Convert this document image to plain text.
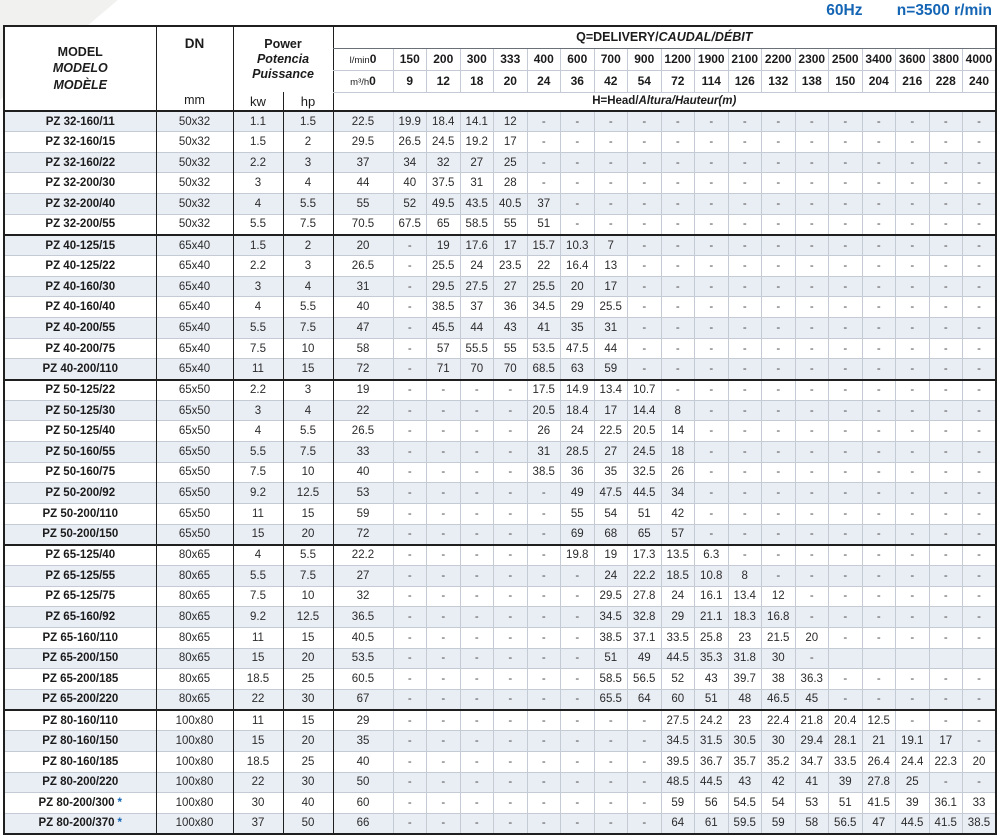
60Hz n=3500 r/min
MODEL
MODELO
MODÈLE	DN
mm	Power
Potencia
Puissance		Q=DELIVERY/CAUDAL/DÉBIT																		
				l/min0	150	200	300	333	400	600	700	900	1200	1900	2100	2200	2300	2500	3400	3600	3800	4000
				m³/h0	9	12	18	20	24	36	42	54	72	114	126	132	138	150	204	216	228	240
		kw	hp	H=Head/Altura/Hauteur(m)																		
PZ 32-160/11	50x32	1.1	1.5	22.5	19.9	18.4	14.1	12	-	-	-	-	-	-	-	-	-	-	-	-	-	-
PZ 32-160/15	50x32	1.5	2	29.5	26.5	24.5	19.2	17	-	-	-	-	-	-	-	-	-	-	-	-	-	-
PZ 32-160/22	50x32	2.2	3	37	34	32	27	25	-	-	-	-	-	-	-	-	-	-	-	-	-	-
PZ 32-200/30	50x32	3	4	44	40	37.5	31	28	-	-	-	-	-	-	-	-	-	-	-	-	-	-
PZ 32-200/40	50x32	4	5.5	55	52	49.5	43.5	40.5	37	-	-	-	-	-	-	-	-	-	-	-	-	-
PZ 32-200/55	50x32	5.5	7.5	70.5	67.5	65	58.5	55	51	-	-	-	-	-	-	-	-	-	-	-	-	-
PZ 40-125/15	65x40	1.5	2	20	-	19	17.6	17	15.7	10.3	7	-	-	-	-	-	-	-	-	-	-	-
PZ 40-125/22	65x40	2.2	3	26.5	-	25.5	24	23.5	22	16.4	13	-	-	-	-	-	-	-	-	-	-	-
PZ 40-160/30	65x40	3	4	31	-	29.5	27.5	27	25.5	20	17	-	-	-	-	-	-	-	-	-	-	-
PZ 40-160/40	65x40	4	5.5	40	-	38.5	37	36	34.5	29	25.5	-	-	-	-	-	-	-	-	-	-	-
PZ 40-200/55	65x40	5.5	7.5	47	-	45.5	44	43	41	35	31	-	-	-	-	-	-	-	-	-	-	-
PZ 40-200/75	65x40	7.5	10	58	-	57	55.5	55	53.5	47.5	44	-	-	-	-	-	-	-	-	-	-	-
PZ 40-200/110	65x40	11	15	72	-	71	70	70	68.5	63	59	-	-	-	-	-	-	-	-	-	-	-
PZ 50-125/22	65x50	2.2	3	19	-	-	-	-	17.5	14.9	13.4	10.7	-	-	-	-	-	-	-	-	-	-
PZ 50-125/30	65x50	3	4	22	-	-	-	-	20.5	18.4	17	14.4	8	-	-	-	-	-	-	-	-	-
PZ 50-125/40	65x50	4	5.5	26.5	-	-	-	-	26	24	22.5	20.5	14	-	-	-	-	-	-	-	-	-
PZ 50-160/55	65x50	5.5	7.5	33	-	-	-	-	31	28.5	27	24.5	18	-	-	-	-	-	-	-	-	-
PZ 50-160/75	65x50	7.5	10	40	-	-	-	-	38.5	36	35	32.5	26	-	-	-	-	-	-	-	-	-
PZ 50-200/92	65x50	9.2	12.5	53	-	-	-	-	-	49	47.5	44.5	34	-	-	-	-	-	-	-	-	-
PZ 50-200/110	65x50	11	15	59	-	-	-	-	-	55	54	51	42	-	-	-	-	-	-	-	-	-
PZ 50-200/150	65x50	15	20	72	-	-	-	-	-	69	68	65	57	-	-	-	-	-	-	-	-	-
PZ 65-125/40	80x65	4	5.5	22.2	-	-	-	-	-	19.8	19	17.3	13.5	6.3	-	-	-	-	-	-	-	-
PZ 65-125/55	80x65	5.5	7.5	27	-	-	-	-	-	-	24	22.2	18.5	10.8	8	-	-	-	-	-	-	-
PZ 65-125/75	80x65	7.5	10	32	-	-	-	-	-	-	29.5	27.8	24	16.1	13.4	12	-	-	-	-	-	-
PZ 65-160/92	80x65	9.2	12.5	36.5	-	-	-	-	-	-	34.5	32.8	29	21.1	18.3	16.8	-	-	-	-	-	-
PZ 65-160/110	80x65	11	15	40.5	-	-	-	-	-	-	38.5	37.1	33.5	25.8	23	21.5	20	-	-	-	-	-
PZ 65-200/150	80x65	15	20	53.5	-	-	-	-	-	-	51	49	44.5	35.3	31.8	30	-					
PZ 65-200/185	80x65	18.5	25	60.5	-	-	-	-	-	-	58.5	56.5	52	43	39.7	38	36.3	-	-	-	-	-
PZ 65-200/220	80x65	22	30	67	-	-	-	-	-	-	65.5	64	60	51	48	46.5	45	-	-	-	-	-
PZ 80-160/110	100x80	11	15	29	-	-	-	-	-	-	-	-	27.5	24.2	23	22.4	21.8	20.4	12.5	-	-	-
PZ 80-160/150	100x80	15	20	35	-	-	-	-	-	-	-	-	34.5	31.5	30.5	30	29.4	28.1	21	19.1	17	-
PZ 80-160/185	100x80	18.5	25	40	-	-	-	-	-	-	-	-	39.5	36.7	35.7	35.2	34.7	33.5	26.4	24.4	22.3	20
PZ 80-200/220	100x80	22	30	50	-	-	-	-	-	-	-	-	48.5	44.5	43	42	41	39	27.8	25	-	-
PZ 80-200/300 *	100x80	30	40	60	-	-	-	-	-	-	-	-	59	56	54.5	54	53	51	41.5	39	36.1	33
PZ 80-200/370 *	100x80	37	50	66	-	-	-	-	-	-	-	-	64	61	59.5	59	58	56.5	47	44.5	41.5	38.5
